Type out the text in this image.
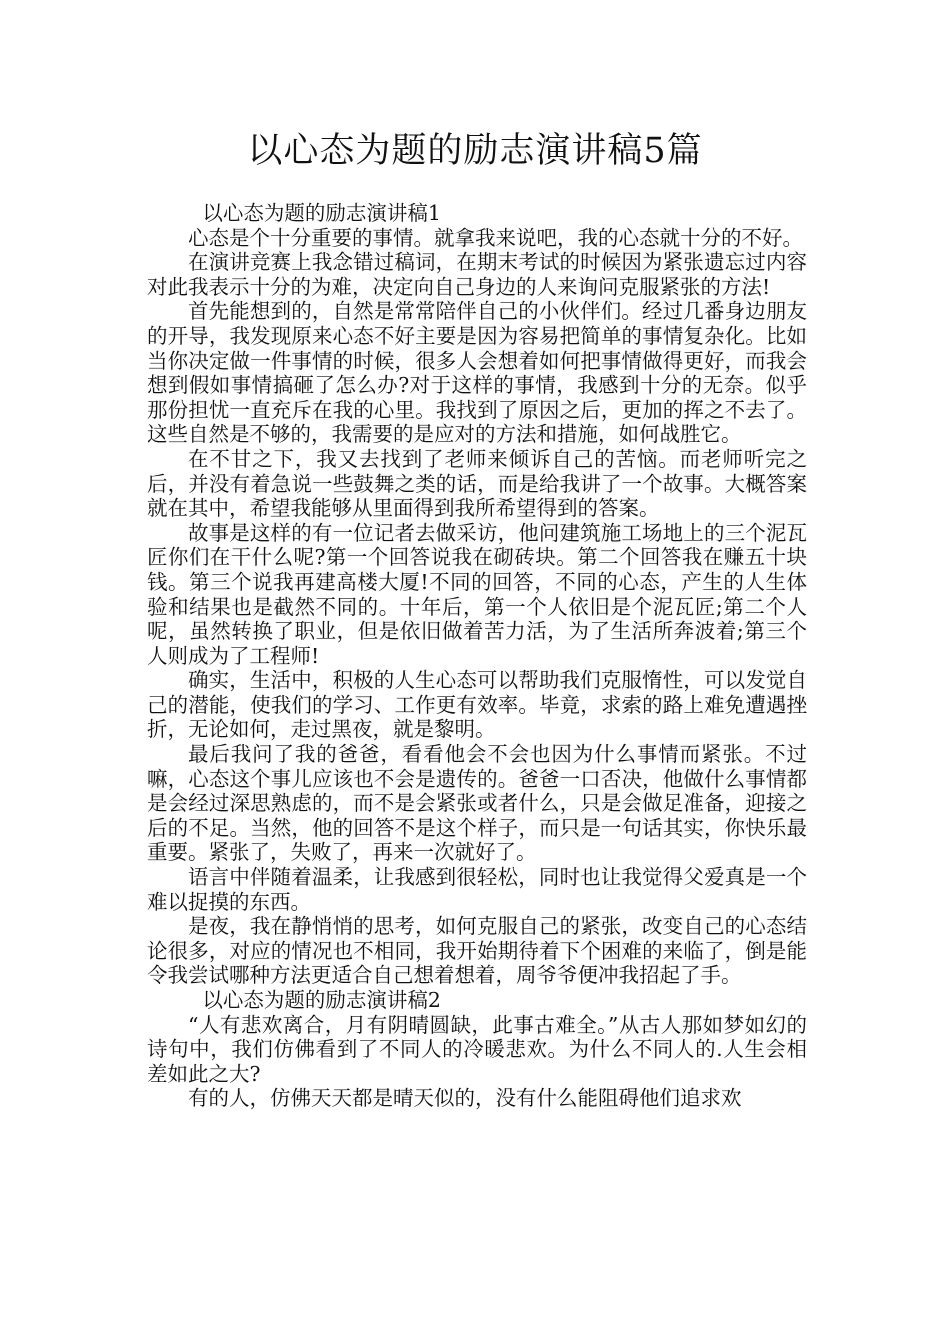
以心态为题的励志演讲稿5篇

以心态为题的励志演讲稿1

心态是个十分重要的事情。就拿我来说吧，我的心态就十分的不好。

在演讲竞赛上我念错过稿词，在期末考试的时候因为紧张遗忘过内容对此我表示十分的为难，决定向自己身边的人来询问克服紧张的方法!

首先能想到的，自然是常常陪伴自己的小伙伴们。经过几番身边朋友的开导，我发现原来心态不好主要是因为容易把简单的事情复杂化。比如当你决定做一件事情的时候，很多人会想着如何把事情做得更好，而我会想到假如事情搞砸了怎么办?对于这样的事情，我感到十分的无奈。似乎那份担忧一直充斥在我的心里。我找到了原因之后，更加的挥之不去了。这些自然是不够的，我需要的是应对的方法和措施，如何战胜它。

在不甘之下，我又去找到了老师来倾诉自己的苦恼。而老师听完之后，并没有着急说一些鼓舞之类的话，而是给我讲了一个故事。大概答案就在其中，希望我能够从里面得到我所希望得到的答案。

故事是这样的有一位记者去做采访，他问建筑施工场地上的三个泥瓦匠你们在干什么呢?第一个回答说我在砌砖块。第二个回答我在赚五十块钱。第三个说我再建高楼大厦!不同的回答，不同的心态，产生的人生体验和结果也是截然不同的。十年后，第一个人依旧是个泥瓦匠;第二个人呢，虽然转换了职业，但是依旧做着苦力活，为了生活所奔波着;第三个人则成为了工程师!

确实，生活中，积极的人生心态可以帮助我们克服惰性，可以发觉自己的潜能，使我们的学习、工作更有效率。毕竟，求索的路上难免遭遇挫折，无论如何，走过黑夜，就是黎明。

最后我问了我的爸爸，看看他会不会也因为什么事情而紧张。不过嘛，心态这个事儿应该也不会是遗传的。爸爸一口否决，他做什么事情都是会经过深思熟虑的，而不是会紧张或者什么，只是会做足准备，迎接之后的不足。当然，他的回答不是这个样子，而只是一句话其实，你快乐最重要。紧张了，失败了，再来一次就好了。

语言中伴随着温柔，让我感到很轻松，同时也让我觉得父爱真是一个难以捉摸的东西。

是夜，我在静悄悄的思考，如何克服自己的紧张，改变自己的心态结论很多，对应的情况也不相同，我开始期待着下个困难的来临了，倒是能令我尝试哪种方法更适合自己想着想着，周爷爷便冲我招起了手。

以心态为题的励志演讲稿2

“人有悲欢离合，月有阴晴圆缺，此事古难全。”从古人那如梦如幻的诗句中，我们仿佛看到了不同人的冷暖悲欢。为什么不同人的.人生会相差如此之大?

有的人，仿佛天天都是晴天似的，没有什么能阻碍他们追求欢
